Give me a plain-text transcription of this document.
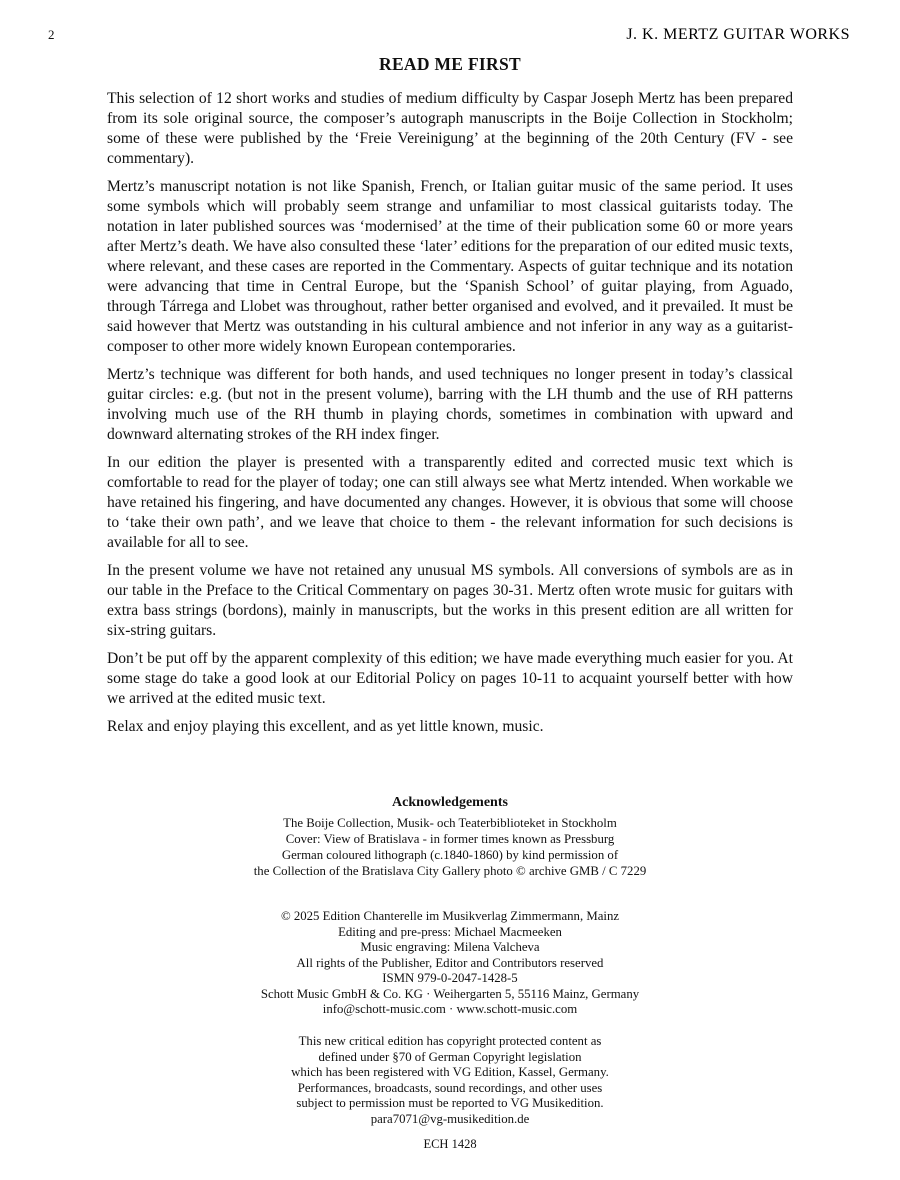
2	J. K. MERTZ GUITAR WORKS
READ ME FIRST

This selection of 12 short works and studies of medium difficulty by Caspar Joseph Mertz has been prepared from its sole original source, the composer’s autograph manuscripts in the Boije Collection in Stockholm; some of these were published by the ‘Freie Vereinigung’ at the beginning of the 20th Century (FV - see commentary).

Mertz’s manuscript notation is not like Spanish, French, or Italian guitar music of the same period. It uses some symbols which will probably seem strange and unfamiliar to most classical guitarists today. The notation in later published sources was ‘modernised’ at the time of their publication some 60 or more years after Mertz’s death. We have also consulted these ‘later’ editions for the preparation of our edited music texts, where relevant, and these cases are reported in the Commentary. Aspects of guitar technique and its notation were advancing that time in Central Europe, but the ‘Spanish School’ of guitar playing, from Aguado, through Tárrega and Llobet was throughout, rather better organised and evolved, and it prevailed. It must be said however that Mertz was outstanding in his cultural ambience and not inferior in any way as a guitarist-composer to other more widely known European contemporaries.

Mertz’s technique was different for both hands, and used techniques no longer present in today’s classical guitar circles: e.g. (but not in the present volume), barring with the LH thumb and the use of RH patterns involving much use of the RH thumb in playing chords, sometimes in combination with upward and downward alternating strokes of the RH index finger.

In our edition the player is presented with a transparently edited and corrected music text which is comfortable to read for the player of today; one can still always see what Mertz intended. When workable we have retained his fingering, and have documented any changes. However, it is obvious that some will choose to ‘take their own path’, and we leave that choice to them - the relevant information for such decisions is available for all to see.

In the present volume we have not retained any unusual MS symbols. All conversions of symbols are as in our table in the Preface to the Critical Commentary on pages 30-31. Mertz often wrote music for guitars with extra bass strings (bordons), mainly in manuscripts, but the works in this present edition are all written for six-string guitars.

Don’t be put off by the apparent complexity of this edition; we have made everything much easier for you. At some stage do take a good look at our Editorial Policy on pages 10-11 to acquaint yourself better with how we arrived at the edited music text.

Relax and enjoy playing this excellent, and as yet little known, music.

Acknowledgements
The Boije Collection, Musik- och Teaterbiblioteket in Stockholm
Cover: View of Bratislava - in former times known as Pressburg
German coloured lithograph (c.1840-1860) by kind permission of
the Collection of the Bratislava City Gallery photo © archive GMB / C 7229
© 2025 Edition Chanterelle im Musikverlag Zimmermann, Mainz
Editing and pre-press: Michael Macmeeken
Music engraving: Milena Valcheva
All rights of the Publisher, Editor and Contributors reserved
ISMN 979-0-2047-1428-5
Schott Music GmbH & Co. KG · Weihergarten 5, 55116 Mainz, Germany
info@schott-music.com · www.schott-music.com
This new critical edition has copyright protected content as
defined under §70 of German Copyright legislation
which has been registered with VG Edition, Kassel, Germany.
Performances, broadcasts, sound recordings, and other uses
subject to permission must be reported to VG Musikedition.
para7071@vg-musikedition.de
ECH 1428
